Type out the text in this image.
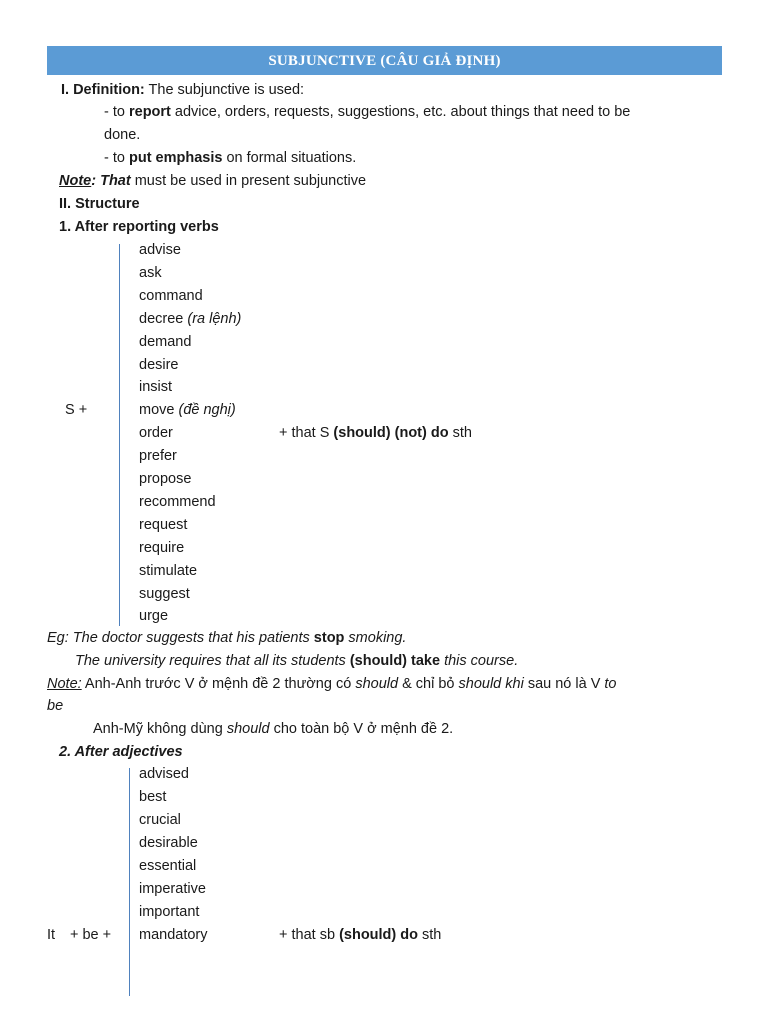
SUBJUNCTIVE (CÂU GIẢ ĐỊNH)
I. Definition: The subjunctive is used:
- to report advice, orders, requests, suggestions, etc. about things that need to be
done.
- to put emphasis on formal situations.
Note: That must be used in present subjunctive
II. Structure
1. After reporting verbs
advise
ask
command
decree (ra lệnh)
demand
desire
insist
move (đề nghị)
order
prefer
propose
recommend
request
require
stimulate
suggest
urge
S +
+ that S (should) (not) do sth
Eg: The doctor suggests that his patients stop smoking.
The university requires that all its students (should) take this course.
Note: Anh-Anh trước V ở mệnh đề 2 thường có should & chỉ bỏ should khi sau nó là V to
be
Anh-Mỹ không dùng should cho toàn bộ V ở mệnh đề 2.
2. After adjectives
advised
best
crucial
desirable
essential
imperative
important
mandatory
It + be +	+ that sb (should) do sth
